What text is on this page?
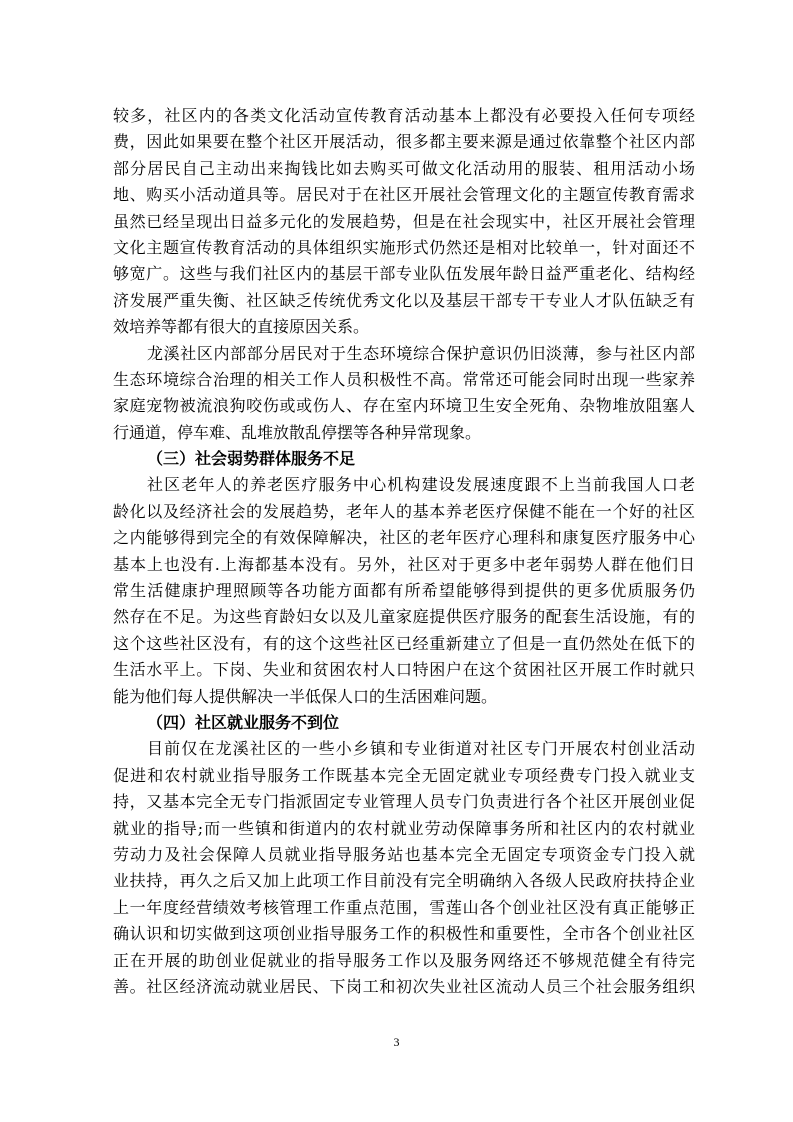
较多，社区内的各类文化活动宣传教育活动基本上都没有必要投入任何专项经
费，因此如果要在整个社区开展活动，很多都主要来源是通过依靠整个社区内部
部分居民自己主动出来掏钱比如去购买可做文化活动用的服装、租用活动小场
地、购买小活动道具等。居民对于在社区开展社会管理文化的主题宣传教育需求
虽然已经呈现出日益多元化的发展趋势，但是在社会现实中，社区开展社会管理
文化主题宣传教育活动的具体组织实施形式仍然还是相对比较单一，针对面还不
够宽广。这些与我们社区内的基层干部专业队伍发展年龄日益严重老化、结构经
济发展严重失衡、社区缺乏传统优秀文化以及基层干部专干专业人才队伍缺乏有
效培养等都有很大的直接原因关系。
龙溪社区内部部分居民对于生态环境综合保护意识仍旧淡薄，参与社区内部
生态环境综合治理的相关工作人员积极性不高。常常还可能会同时出现一些家养
家庭宠物被流浪狗咬伤或或伤人、存在室内环境卫生安全死角、杂物堆放阻塞人
行通道，停车难、乱堆放散乱停摆等各种异常现象。
（三）社会弱势群体服务不足
社区老年人的养老医疗服务中心机构建设发展速度跟不上当前我国人口老
龄化以及经济社会的发展趋势，老年人的基本养老医疗保健不能在一个好的社区
之内能够得到完全的有效保障解决，社区的老年医疗心理科和康复医疗服务中心
基本上也没有.上海都基本没有。另外，社区对于更多中老年弱势人群在他们日
常生活健康护理照顾等各功能方面都有所希望能够得到提供的更多优质服务仍
然存在不足。为这些育龄妇女以及儿童家庭提供医疗服务的配套生活设施，有的
这个这些社区没有，有的这个这些社区已经重新建立了但是一直仍然处在低下的
生活水平上。下岗、失业和贫困农村人口特困户在这个贫困社区开展工作时就只
能为他们每人提供解决一半低保人口的生活困难问题。
（四）社区就业服务不到位
目前仅在龙溪社区的一些小乡镇和专业街道对社区专门开展农村创业活动
促进和农村就业指导服务工作既基本完全无固定就业专项经费专门投入就业支
持，又基本完全无专门指派固定专业管理人员专门负责进行各个社区开展创业促
就业的指导;而一些镇和街道内的农村就业劳动保障事务所和社区内的农村就业
劳动力及社会保障人员就业指导服务站也基本完全无固定专项资金专门投入就
业扶持，再久之后又加上此项工作目前没有完全明确纳入各级人民政府扶持企业
上一年度经营绩效考核管理工作重点范围，雪莲山各个创业社区没有真正能够正
确认识和切实做到这项创业指导服务工作的积极性和重要性，全市各个创业社区
正在开展的助创业促就业的指导服务工作以及服务网络还不够规范健全有待完
善。社区经济流动就业居民、下岗工和初次失业社区流动人员三个社会服务组织
3
